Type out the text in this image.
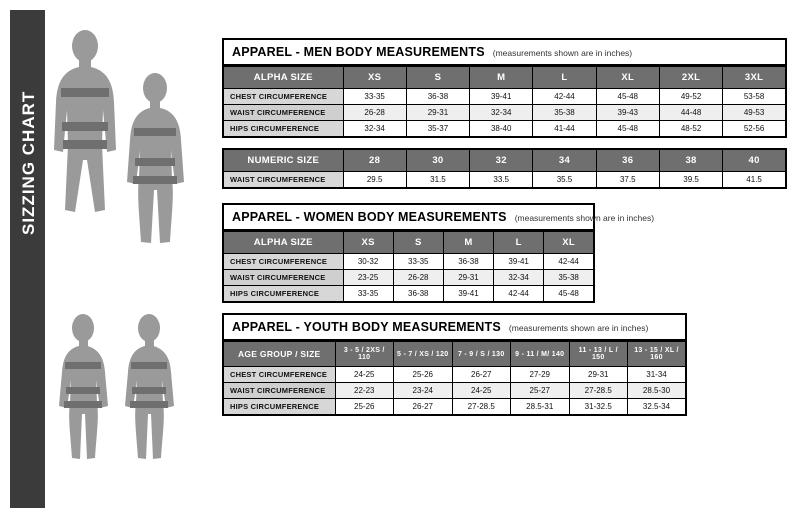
SIZZING CHART
APPAREL - MEN BODY MEASUREMENTS (measurements shown are in inches)
ALPHA SIZE	XS	S	M	L	XL	2XL	3XL
CHEST CIRCUMFERENCE	33-35	36-38	39-41	42-44	45-48	49-52	53-58
WAIST CIRCUMFERENCE	26-28	29-31	32-34	35-38	39-43	44-48	49-53
HIPS CIRCUMFERENCE	32-34	35-37	38-40	41-44	45-48	48-52	52-56
NUMERIC SIZE	28	30	32	34	36	38	40
WAIST CIRCUMFERENCE	29.5	31.5	33.5	35.5	37.5	39.5	41.5
APPAREL - WOMEN BODY MEASUREMENTS (measurements shown are in inches)
ALPHA SIZE	XS	S	M	L	XL
CHEST CIRCUMFERENCE	30-32	33-35	36-38	39-41	42-44
WAIST CIRCUMFERENCE	23-25	26-28	29-31	32-34	35-38
HIPS CIRCUMFERENCE	33-35	36-38	39-41	42-44	45-48
APPAREL - YOUTH BODY MEASUREMENTS (measurements shown are in inches)
AGE GROUP / SIZE	3 - 5 / 2XS / 110	5 - 7 / XS / 120	7 - 9 / S / 130	9 - 11 / M/ 140	11 - 13 / L / 150	13 - 15 / XL / 160
CHEST CIRCUMFERENCE	24-25	25-26	26-27	27-29	29-31	31-34
WAIST CIRCUMFERENCE	22-23	23-24	24-25	25-27	27-28.5	28.5-30
HIPS CIRCUMFERENCE	25-26	26-27	27-28.5	28.5-31	31-32.5	32.5-34
